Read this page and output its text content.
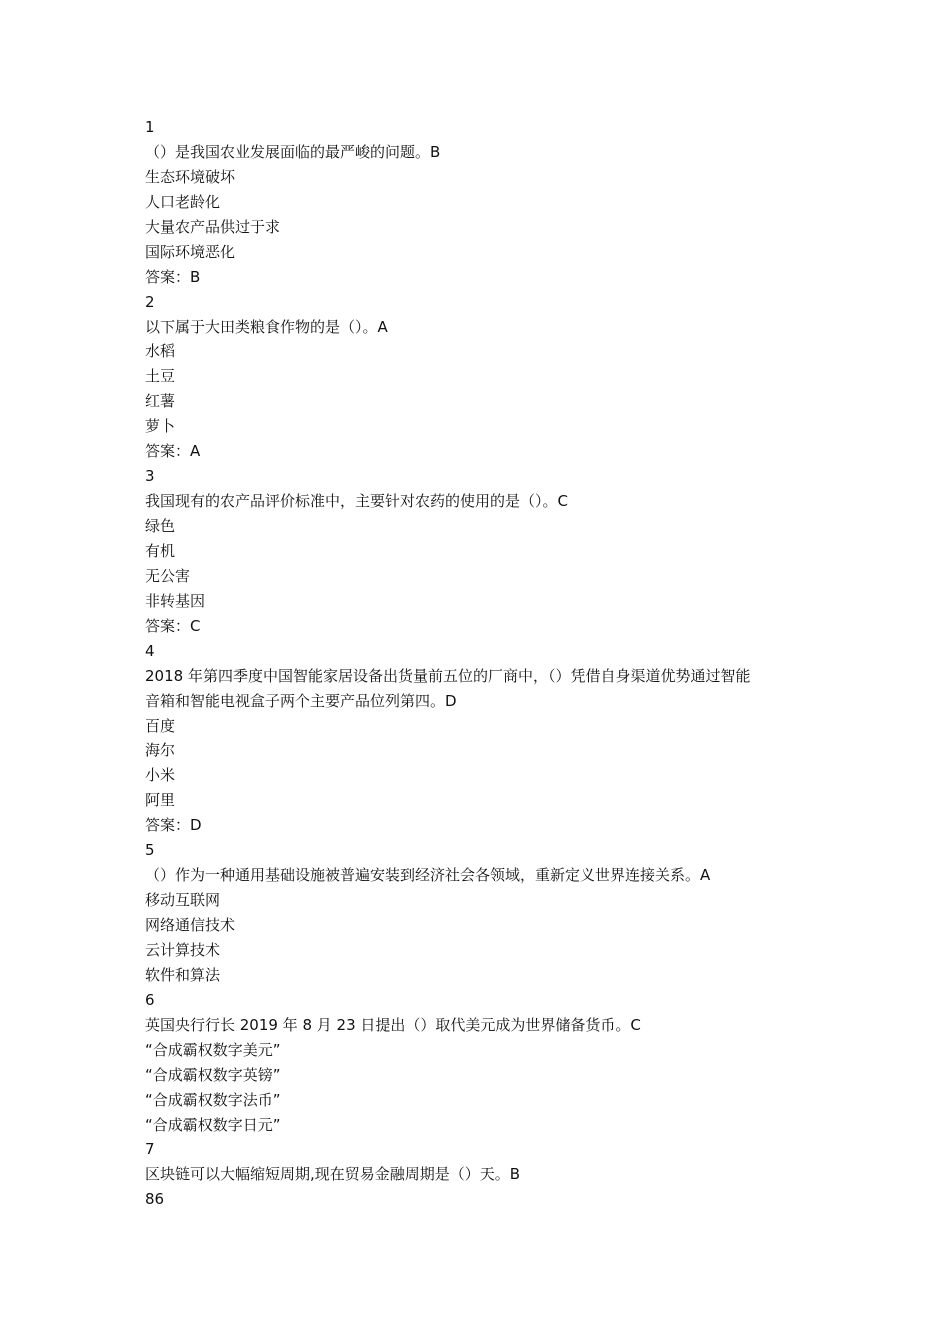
1
（）是我国农业发展面临的最严峻的问题。B
生态环境破坏
人口老龄化
大量农产品供过于求
国际环境恶化
答案：B
2
以下属于大田类粮食作物的是（）。A
水稻
土豆
红薯
萝卜
答案：A
3
我国现有的农产品评价标准中，主要针对农药的使用的是（）。C
绿色
有机
无公害
非转基因
答案：C
4
2018 年第四季度中国智能家居设备出货量前五位的厂商中，（）凭借自身渠道优势通过智能
音箱和智能电视盒子两个主要产品位列第四。D
百度
海尔
小米
阿里
答案：D
5
（）作为一种通用基础设施被普遍安装到经济社会各领域，重新定义世界连接关系。A
移动互联网
网络通信技术
云计算技术
软件和算法
6
英国央行行长 2019 年 8 月 23 日提出（）取代美元成为世界储备货币。C
“合成霸权数字美元”
“合成霸权数字英镑”
“合成霸权数字法币”
“合成霸权数字日元”
7
区块链可以大幅缩短周期,现在贸易金融周期是（）天。B
86
